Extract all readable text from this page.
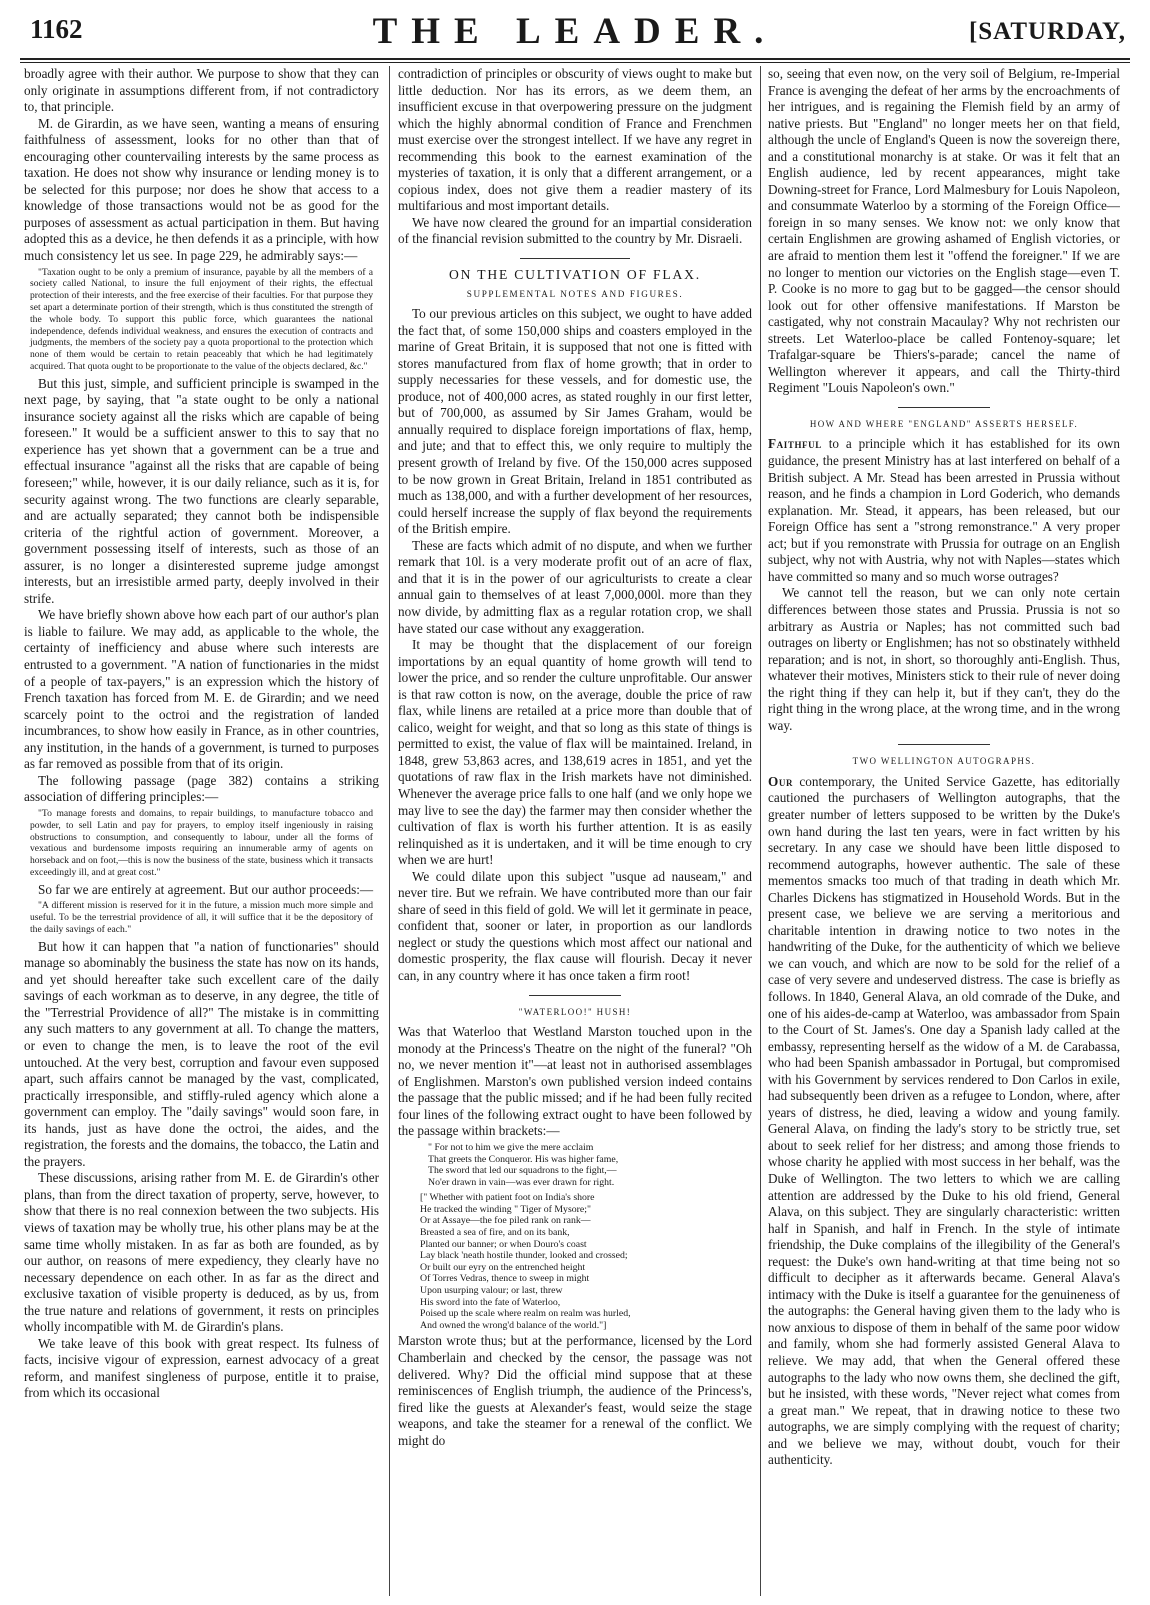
1162	THE LEADER.	[SATURDAY,

broadly agree with their author. We purpose to show that they can only originate in assumptions different from, if not contradictory to, that principle.

M. de Girardin, as we have seen, wanting a means of ensuring faithfulness of assessment, looks for no other than that of encouraging other countervailing interests by the same process as taxation. He does not show why insurance or lending money is to be selected for this purpose; nor does he show that access to a knowledge of those transactions would not be as good for the purposes of assessment as actual participation in them. But having adopted this as a device, he then defends it as a principle, with how much consistency let us see. In page 229, he admirably says:—

"Taxation ought to be only a premium of insurance, payable by all the members of a society called National, to insure the full enjoyment of their rights, the effectual protection of their interests, and the free exercise of their faculties. For that purpose they set apart a determinate portion of their strength, which is thus constituted the strength of the whole body. To support this public force, which guarantees the national independence, defends individual weakness, and ensures the execution of contracts and judgments, the members of the society pay a quota proportional to the protection which none of them would be certain to retain peaceably that which he had legitimately acquired. That quota ought to be proportionate to the value of the objects declared, &c."

But this just, simple, and sufficient principle is swamped in the next page, by saying, that "a state ought to be only a national insurance society against all the risks which are capable of being foreseen." It would be a sufficient answer to this to say that no experience has yet shown that a government can be a true and effectual insurance "against all the risks that are capable of being foreseen;" while, however, it is our daily reliance, such as it is, for security against wrong. The two functions are clearly separable, and are actually separated; they cannot both be indispensible criteria of the rightful action of government. Moreover, a government possessing itself of interests, such as those of an assurer, is no longer a disinterested supreme judge amongst interests, but an irresistible armed party, deeply involved in their strife.

We have briefly shown above how each part of our author's plan is liable to failure. We may add, as applicable to the whole, the certainty of inefficiency and abuse where such interests are entrusted to a government. "A nation of functionaries in the midst of a people of tax-payers," is an expression which the history of French taxation has forced from M. E. de Girardin; and we need scarcely point to the octroi and the registration of landed incumbrances, to show how easily in France, as in other countries, any institution, in the hands of a government, is turned to purposes as far removed as possible from that of its origin.

The following passage (page 382) contains a striking association of differing principles:—

"To manage forests and domains, to repair buildings, to manufacture tobacco and powder, to sell Latin and pay for prayers, to employ itself ingeniously in raising obstructions to consumption, and consequently to labour, under all the forms of vexatious and burdensome imposts requiring an innumerable army of agents on horseback and on foot,—this is now the business of the state, business which it transacts exceedingly ill, and at great cost."

So far we are entirely at agreement. But our author proceeds:—

"A different mission is reserved for it in the future, a mission much more simple and useful. To be the terrestrial providence of all, it will suffice that it be the depository of the daily savings of each."

But how it can happen that "a nation of functionaries" should manage so abominably the business the state has now on its hands, and yet should hereafter take such excellent care of the daily savings of each workman as to deserve, in any degree, the title of the "Terrestrial Providence of all?" The mistake is in committing any such matters to any government at all. To change the matters, or even to change the men, is to leave the root of the evil untouched. At the very best, corruption and favour even supposed apart, such affairs cannot be managed by the vast, complicated, practically irresponsible, and stiffly-ruled agency which alone a government can employ. The "daily savings" would soon fare, in its hands, just as have done the octroi, the aides, and the registration, the forests and the domains, the tobacco, the Latin and the prayers.

These discussions, arising rather from M. E. de Girardin's other plans, than from the direct taxation of property, serve, however, to show that there is no real connexion between the two subjects. His views of taxation may be wholly true, his other plans may be at the same time wholly mistaken. In as far as both are founded, as by our author, on reasons of mere expediency, they clearly have no necessary dependence on each other. In as far as the direct and exclusive taxation of visible property is deduced, as by us, from the true nature and relations of government, it rests on principles wholly incompatible with M. de Girardin's plans.

We take leave of this book with great respect. Its fulness of facts, incisive vigour of expression, earnest advocacy of a great reform, and manifest singleness of purpose, entitle it to praise, from which its occasional

contradiction of principles or obscurity of views ought to make but little deduction. Nor has its errors, as we deem them, an insufficient excuse in that overpowering pressure on the judgment which the highly abnormal condition of France and Frenchmen must exercise over the strongest intellect. If we have any regret in recommending this book to the earnest examination of the mysteries of taxation, it is only that a different arrangement, or a copious index, does not give them a readier mastery of its multifarious and most important details.

We have now cleared the ground for an impartial consideration of the financial revision submitted to the country by Mr. Disraeli.

ON THE CULTIVATION OF FLAX.
SUPPLEMENTAL NOTES AND FIGURES.

To our previous articles on this subject, we ought to have added the fact that, of some 150,000 ships and coasters employed in the marine of Great Britain, it is supposed that not one is fitted with stores manufactured from flax of home growth; that in order to supply necessaries for these vessels, and for domestic use, the produce, not of 400,000 acres, as stated roughly in our first letter, but of 700,000, as assumed by Sir James Graham, would be annually required to displace foreign importations of flax, hemp, and jute; and that to effect this, we only require to multiply the present growth of Ireland by five. Of the 150,000 acres supposed to be now grown in Great Britain, Ireland in 1851 contributed as much as 138,000, and with a further development of her resources, could herself increase the supply of flax beyond the requirements of the British empire.

These are facts which admit of no dispute, and when we further remark that 10l. is a very moderate profit out of an acre of flax, and that it is in the power of our agriculturists to create a clear annual gain to themselves of at least 7,000,000l. more than they now divide, by admitting flax as a regular rotation crop, we shall have stated our case without any exaggeration.

It may be thought that the displacement of our foreign importations by an equal quantity of home growth will tend to lower the price, and so render the culture unprofitable. Our answer is that raw cotton is now, on the average, double the price of raw flax, while linens are retailed at a price more than double that of calico, weight for weight, and that so long as this state of things is permitted to exist, the value of flax will be maintained. Ireland, in 1848, grew 53,863 acres, and 138,619 acres in 1851, and yet the quotations of raw flax in the Irish markets have not diminished. Whenever the average price falls to one half (and we only hope we may live to see the day) the farmer may then consider whether the cultivation of flax is worth his further attention. It is as easily relinquished as it is undertaken, and it will be time enough to cry when we are hurt!

We could dilate upon this subject "usque ad nauseam," and never tire. But we refrain. We have contributed more than our fair share of seed in this field of gold. We will let it germinate in peace, confident that, sooner or later, in proportion as our landlords neglect or study the questions which most affect our national and domestic prosperity, the flax cause will flourish. Decay it never can, in any country where it has once taken a firm root!

"WATERLOO!" HUSH!

Was that Waterloo that Westland Marston touched upon in the monody at the Princess's Theatre on the night of the funeral? "Oh no, we never mention it"—at least not in authorised assemblages of Englishmen. Marston's own published version indeed contains the passage that the public missed; and if he had been fully recited four lines of the following extract ought to have been followed by the passage within brackets:—

" For not to him we give the mere acclaim
That greets the Conqueror. His was higher fame,
The sword that led our squadrons to the fight,—
No'er drawn in vain—was ever drawn for right.
[" Whether with patient foot on India's shore
He tracked the winding " Tiger of Mysore;"
Or at Assaye—the foe piled rank on rank—
Breasted a sea of fire, and on its bank,
Planted our banner; or when Douro's coast
Lay black 'neath hostile thunder, looked and crossed;
Or built our eyry on the entrenched height
Of Torres Vedras, thence to sweep in might
Upon usurping valour; or last, threw
His sword into the fate of Waterloo,
Poised up the scale where realm on realm was hurled,
And owned the wrong'd balance of the world."]

Marston wrote thus; but at the performance, licensed by the Lord Chamberlain and checked by the censor, the passage was not delivered. Why? Did the official mind suppose that at these reminiscences of English triumph, the audience of the Princess's, fired like the guests at Alexander's feast, would seize the stage weapons, and take the steamer for a renewal of the conflict. We might do

so, seeing that even now, on the very soil of Belgium, re-Imperial France is avenging the defeat of her arms by the encroachments of her intrigues, and is regaining the Flemish field by an army of native priests. But "England" no longer meets her on that field, although the uncle of England's Queen is now the sovereign there, and a constitutional monarchy is at stake. Or was it felt that an English audience, led by recent appearances, might take Downing-street for France, Lord Malmesbury for Louis Napoleon, and consummate Waterloo by a storming of the Foreign Office—foreign in so many senses. We know not: we only know that certain Englishmen are growing ashamed of English victories, or are afraid to mention them lest it "offend the foreigner." If we are no longer to mention our victories on the English stage—even T. P. Cooke is no more to gag but to be gagged—the censor should look out for other offensive manifestations. If Marston be castigated, why not constrain Macaulay? Why not rechristen our streets. Let Waterloo-place be called Fontenoy-square; let Trafalgar-square be Thiers's-parade; cancel the name of Wellington wherever it appears, and call the Thirty-third Regiment "Louis Napoleon's own."

HOW AND WHERE "ENGLAND" ASSERTS HERSELF.

Faithful to a principle which it has established for its own guidance, the present Ministry has at last interfered on behalf of a British subject. A Mr. Stead has been arrested in Prussia without reason, and he finds a champion in Lord Goderich, who demands explanation. Mr. Stead, it appears, has been released, but our Foreign Office has sent a "strong remonstrance." A very proper act; but if you remonstrate with Prussia for outrage on an English subject, why not with Austria, why not with Naples—states which have committed so many and so much worse outrages?

We cannot tell the reason, but we can only note certain differences between those states and Prussia. Prussia is not so arbitrary as Austria or Naples; has not committed such bad outrages on liberty or Englishmen; has not so obstinately withheld reparation; and is not, in short, so thoroughly anti-English. Thus, whatever their motives, Ministers stick to their rule of never doing the right thing if they can help it, but if they can't, they do the right thing in the wrong place, at the wrong time, and in the wrong way.

TWO WELLINGTON AUTOGRAPHS.

Our contemporary, the United Service Gazette, has editorially cautioned the purchasers of Wellington autographs, that the greater number of letters supposed to be written by the Duke's own hand during the last ten years, were in fact written by his secretary. In any case we should have been little disposed to recommend autographs, however authentic. The sale of these mementos smacks too much of that trading in death which Mr. Charles Dickens has stigmatized in Household Words. But in the present case, we believe we are serving a meritorious and charitable intention in drawing notice to two notes in the handwriting of the Duke, for the authenticity of which we believe we can vouch, and which are now to be sold for the relief of a case of very severe and undeserved distress. The case is briefly as follows. In 1840, General Alava, an old comrade of the Duke, and one of his aides-de-camp at Waterloo, was ambassador from Spain to the Court of St. James's. One day a Spanish lady called at the embassy, representing herself as the widow of a M. de Carabassa, who had been Spanish ambassador in Portugal, but compromised with his Government by services rendered to Don Carlos in exile, had subsequently been driven as a refugee to London, where, after years of distress, he died, leaving a widow and young family. General Alava, on finding the lady's story to be strictly true, set about to seek relief for her distress; and among those friends to whose charity he applied with most success in her behalf, was the Duke of Wellington. The two letters to which we are calling attention are addressed by the Duke to his old friend, General Alava, on this subject. They are singularly characteristic: written half in Spanish, and half in French. In the style of intimate friendship, the Duke complains of the illegibility of the General's request: the Duke's own hand-writing at that time being not so difficult to decipher as it afterwards became. General Alava's intimacy with the Duke is itself a guarantee for the genuineness of the autographs: the General having given them to the lady who is now anxious to dispose of them in behalf of the same poor widow and family, whom she had formerly assisted General Alava to relieve. We may add, that when the General offered these autographs to the lady who now owns them, she declined the gift, but he insisted, with these words, "Never reject what comes from a great man." We repeat, that in drawing notice to these two autographs, we are simply complying with the request of charity; and we believe we may, without doubt, vouch for their authenticity.
